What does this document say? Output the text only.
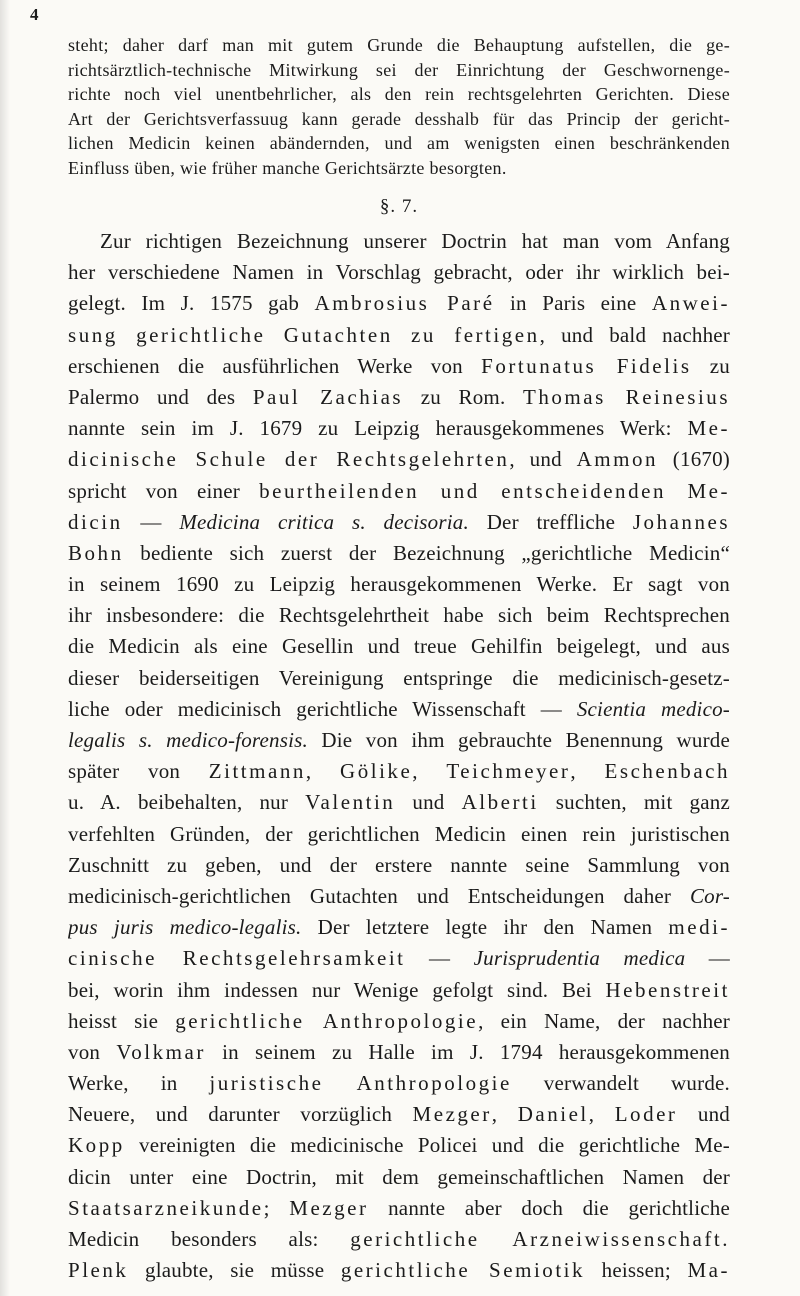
4
steht; daher darf man mit gutem Grunde die Behauptung aufstellen, die ge-
richtsärztlich-technische Mitwirkung sei der Einrichtung der Geschwornenge-
richte noch viel unentbehrlicher, als den rein rechtsgelehrten Gerichten. Diese
Art der Gerichtsverfassuug kann gerade desshalb für das Princip der gericht-
lichen Medicin keinen abändernden, und am wenigsten einen beschränkenden
Einfluss üben, wie früher manche Gerichtsärzte besorgten.
§. 7.
Zur richtigen Bezeichnung unserer Doctrin hat man vom Anfang
her verschiedene Namen in Vorschlag gebracht, oder ihr wirklich bei-
gelegt. Im J. 1575 gab Ambrosius Paré in Paris eine Anwei-
sung gerichtliche Gutachten zu fertigen, und bald nachher
erschienen die ausführlichen Werke von Fortunatus Fidelis zu
Palermo und des Paul Zachias zu Rom. Thomas Reinesius
nannte sein im J. 1679 zu Leipzig herausgekommenes Werk: Me-
dicinische Schule der Rechtsgelehrten, und Ammon (1670)
spricht von einer beurtheilenden und entscheidenden Me-
dicin — Medicina critica s. decisoria. Der treffliche Johannes
Bohn bediente sich zuerst der Bezeichnung „gerichtliche Medicin“
in seinem 1690 zu Leipzig herausgekommenen Werke. Er sagt von
ihr insbesondere: die Rechtsgelehrtheit habe sich beim Rechtsprechen
die Medicin als eine Gesellin und treue Gehilfin beigelegt, und aus
dieser beiderseitigen Vereinigung entspringe die medicinisch-gesetz-
liche oder medicinisch gerichtliche Wissenschaft — Scientia medico-
legalis s. medico-forensis. Die von ihm gebrauchte Benennung wurde
später von Zittmann, Gölike, Teichmeyer, Eschenbach
u. A. beibehalten, nur Valentin und Alberti suchten, mit ganz
verfehlten Gründen, der gerichtlichen Medicin einen rein juristischen
Zuschnitt zu geben, und der erstere nannte seine Sammlung von
medicinisch-gerichtlichen Gutachten und Entscheidungen daher Cor-
pus juris medico-legalis. Der letztere legte ihr den Namen medi-
cinische Rechtsgelehrsamkeit — Jurisprudentia medica —
bei, worin ihm indessen nur Wenige gefolgt sind. Bei Hebenstreit
heisst sie gerichtliche Anthropologie, ein Name, der nachher
von Volkmar in seinem zu Halle im J. 1794 herausgekommenen
Werke, in juristische Anthropologie verwandelt wurde.
Neuere, und darunter vorzüglich Mezger, Daniel, Loder und
Kopp vereinigten die medicinische Policei und die gerichtliche Me-
dicin unter eine Doctrin, mit dem gemeinschaftlichen Namen der
Staatsarzneikunde; Mezger nannte aber doch die gerichtliche
Medicin besonders als: gerichtliche Arzneiwissenschaft.
Plenk glaubte, sie müsse gerichtliche Semiotik heissen; Ma-
